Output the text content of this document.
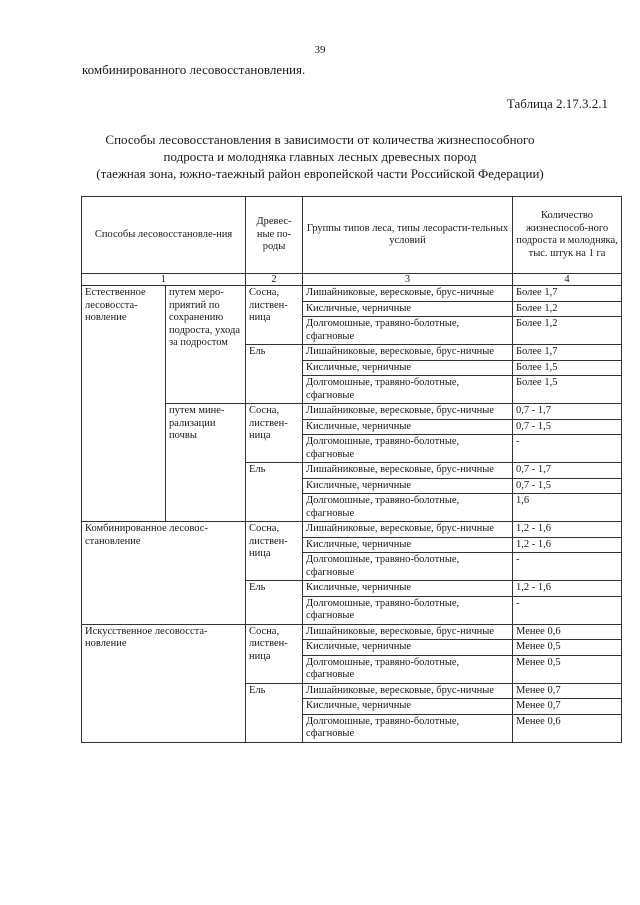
39
комбинированного лесовосстановления.
Таблица 2.17.3.2.1
Способы лесовосстановления в зависимости от количества жизнеспособного
подроста и молодняка главных лесных древесных пород
(таежная зона, южно-таежный район европейской части Российской Федерации)
Способы лесовосстановле-ния		Древес-ные по-роды	Группы типов леса, типы лесорасти-тельных условий	Количество жизнеспособ-ного подроста и молодняка, тыс. штук на 1 га
1		2	3	4
Естественное лесовосста-новление	путем меро-приятий по сохранению подроста, ухода за подростом	Сосна, листвен-ница	Лишайниковые, вересковые, брус-ничные	Более 1,7
			Кисличные, черничные	Более 1,2
			Долгомошные, травяно-болотные, сфагновые	Более 1,2
		Ель	Лишайниковые, вересковые, брус-ничные	Более 1,7
			Кисличные, черничные	Более 1,5
			Долгомошные, травяно-болотные, сфагновые	Более 1,5
	путем мине-рализации почвы	Сосна, листвен-ница	Лишайниковые, вересковые, брус-ничные	0,7 - 1,7
			Кисличные, черничные	0,7 - 1,5
			Долгомошные, травяно-болотные, сфагновые	-
		Ель	Лишайниковые, вересковые, брус-ничные	0,7 - 1,7
			Кисличные, черничные	0,7 - 1,5
			Долгомошные, травяно-болотные, сфагновые	1,6
Комбинированное лесовос-становление		Сосна, листвен-ница	Лишайниковые, вересковые, брус-ничные	1,2 - 1,6
			Кисличные, черничные	1,2 - 1,6
			Долгомошные, травяно-болотные, сфагновые	-
		Ель	Кисличные, черничные	1,2 - 1,6
			Долгомошные, травяно-болотные, сфагновые	-
Искусственное лесовосста-новление		Сосна, листвен-ница	Лишайниковые, вересковые, брус-ничные	Менее 0,6
			Кисличные, черничные	Менее 0,5
			Долгомошные, травяно-болотные, сфагновые	Менее 0,5
		Ель	Лишайниковые, вересковые, брус-ничные	Менее 0,7
			Кисличные, черничные	Менее 0,7
			Долгомошные, травяно-болотные, сфагновые	Менее 0,6
